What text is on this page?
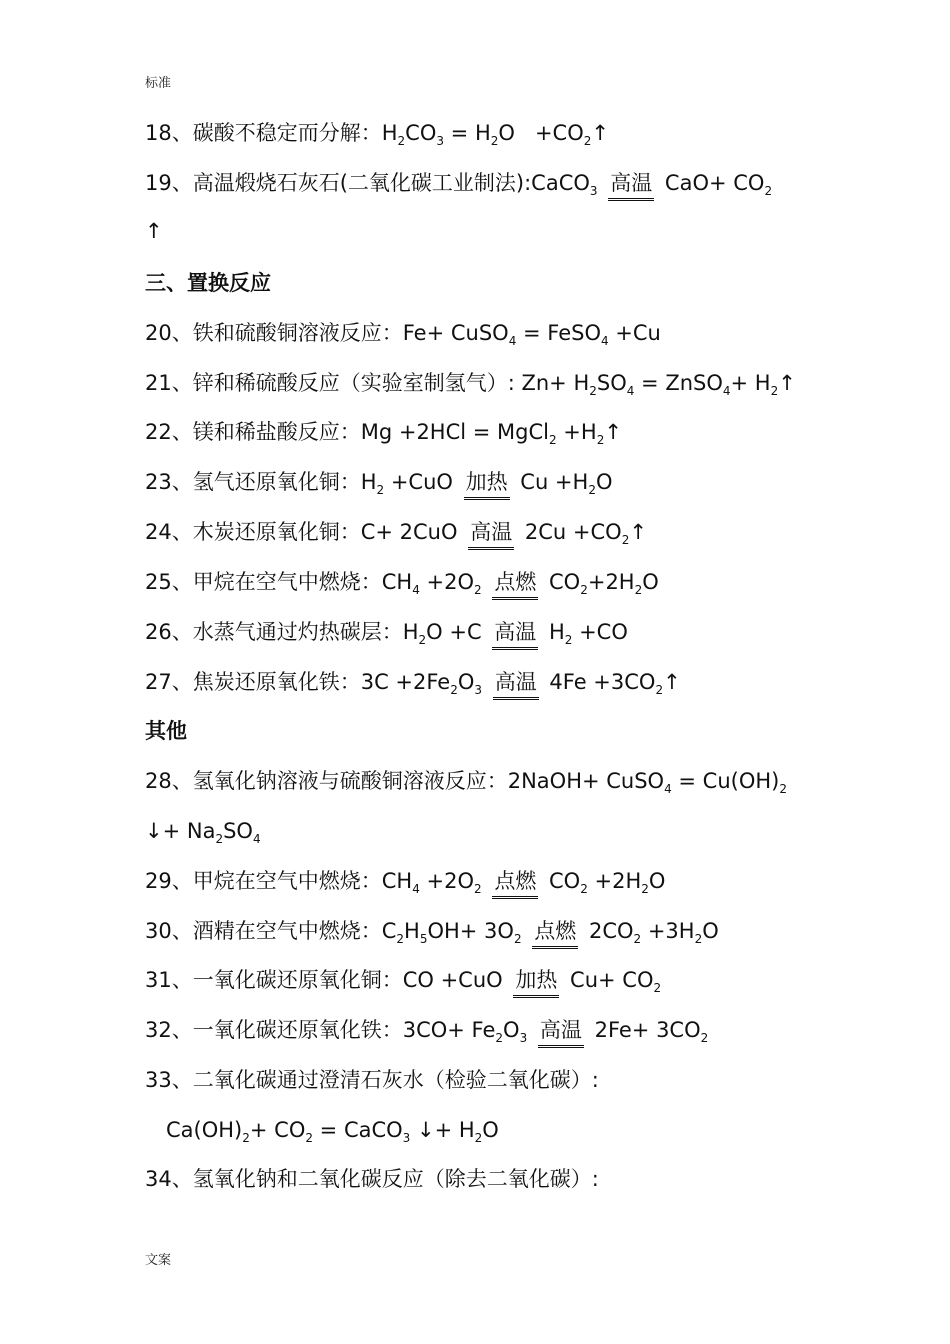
标准
18、碳酸不稳定而分解：$H_2CO_3 = H_2O$   $+CO_2↑$
19、高温煅烧石灰石(二氧化碳工业制法):CaCO$_3$ 高温 $CaO+ CO_2$
↑
三、置换反应
20、铁和硫酸铜溶液反应：Fe+ CuSO$_4$ = FeSO$_4$ +Cu
21、锌和稀硫酸反应（实验室制氢气）: $Zn+ H_2SO_4$ = ZnSO$_4$+ $H_2↑$
22、镁和稀盐酸反应：Mg +2HCl = MgCl$_2$ $+H_2↑$
23、氢气还原氧化铜：$H_2 +CuO$ 加热 $Cu +H_2O$
24、木炭还原氧化铜：C+ 2CuO 高温 $2Cu +CO_2↑$
25、甲烷在空气中燃烧：$CH_4 +2O_2$ 点燃 $CO_2+2H_2O$
26、水蒸气通过灼热碳层：$H_2O +C$ 高温 $H_2 +CO$
27、焦炭还原氧化铁：$3C +2Fe_2O_3$ 高温 $4Fe +3CO_2↑$
其他
28、氢氧化钠溶液与硫酸铜溶液反应：2NaOH+ CuSO$_4$ = $Cu(OH)_2$
↓+ $Na_2SO_4$
29、甲烷在空气中燃烧：$CH_4 +2O_2$ 点燃 $CO_2 +2H_2O$
30、酒精在空气中燃烧：$C_2H_5OH+ 3O_2$ 点燃 $2CO_2 +3H_2O$
31、一氧化碳还原氧化铜：CO +CuO 加热 $Cu+ CO_2$
32、一氧化碳还原氧化铁：$3CO+ Fe_2O_3$ 高温 $2Fe+ 3CO_2$
33、二氧化碳通过澄清石灰水（检验二氧化碳）:
$Ca(OH)_2+ CO_2$ = CaCO$_3$ ↓+ $H_2O$
34、氢氧化钠和二氧化碳反应（除去二氧化碳）:
文案
